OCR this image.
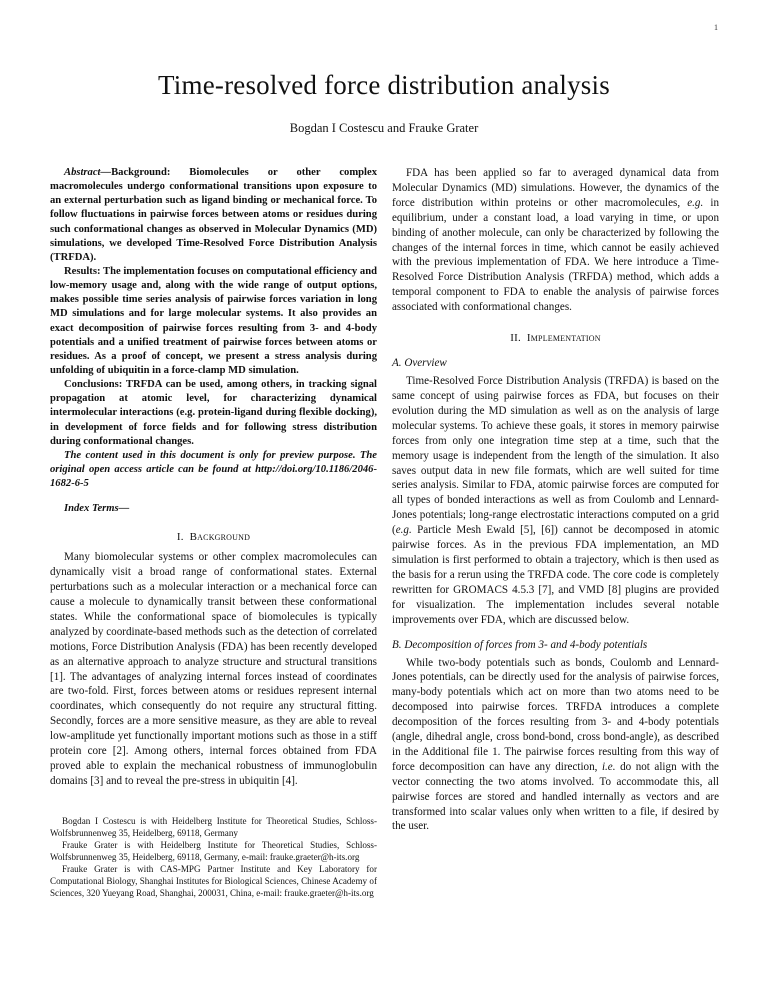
1
Time-resolved force distribution analysis
Bogdan I Costescu and Frauke Grater

Abstract—Background: Biomolecules or other complex macromolecules undergo conformational transitions upon exposure to an external perturbation such as ligand binding or mechanical force. To follow fluctuations in pairwise forces between atoms or residues during such conformational changes as observed in Molecular Dynamics (MD) simulations, we developed Time-Resolved Force Distribution Analysis (TRFDA).

Results: The implementation focuses on computational efficiency and low-memory usage and, along with the wide range of output options, makes possible time series analysis of pairwise forces variation in long MD simulations and for large molecular systems. It also provides an exact decomposition of pairwise forces resulting from 3- and 4-body potentials and a unified treatment of pairwise forces between atoms or residues. As a proof of concept, we present a stress analysis during unfolding of ubiquitin in a force-clamp MD simulation.

Conclusions: TRFDA can be used, among others, in tracking signal propagation at atomic level, for characterizing dynamical intermolecular interactions (e.g. protein-ligand during flexible docking), in development of force fields and for following stress distribution during conformational changes.

The content used in this document is only for preview purpose. The original open access article can be found at http://doi.org/10.1186/2046-1682-6-5

Index Terms—
I. Background

Many biomolecular systems or other complex macromolecules can dynamically visit a broad range of conformational states. External perturbations such as a molecular interaction or a mechanical force can cause a molecule to dynamically transit between these conformational states. While the conformational space of biomolecules is typically analyzed by coordinate-based methods such as the detection of correlated motions, Force Distribution Analysis (FDA) has been recently developed as an alternative approach to analyze structure and structural transitions [1]. The advantages of analyzing internal forces instead of coordinates are two-fold. First, forces between atoms or residues represent internal coordinates, which consequently do not require any structural fitting. Secondly, forces are a more sensitive measure, as they are able to reveal low-amplitude yet functionally important motions such as those in a stiff protein core [2]. Among others, internal forces obtained from FDA proved able to explain the mechanical robustness of immunoglobulin domains [3] and to reveal the pre-stress in ubiquitin [4].

Bogdan I Costescu is with Heidelberg Institute for Theoretical Studies, Schloss-Wolfsbrunnenweg 35, Heidelberg, 69118, Germany

Frauke Grater is with Heidelberg Institute for Theoretical Studies, Schloss-Wolfsbrunnenweg 35, Heidelberg, 69118, Germany, e-mail: frauke.graeter@h-its.org

Frauke Grater is with CAS-MPG Partner Institute and Key Laboratory for Computational Biology, Shanghai Institutes for Biological Sciences, Chinese Academy of Sciences, 320 Yueyang Road, Shanghai, 200031, China, e-mail: frauke.graeter@h-its.org

FDA has been applied so far to averaged dynamical data from Molecular Dynamics (MD) simulations. However, the dynamics of the force distribution within proteins or other macromolecules, e.g. in equilibrium, under a constant load, a load varying in time, or upon binding of another molecule, can only be characterized by following the changes of the internal forces in time, which cannot be easily achieved with the previous implementation of FDA. We here introduce a Time-Resolved Force Distribution Analysis (TRFDA) method, which adds a temporal component to FDA to enable the analysis of pairwise forces associated with conformational changes.

II. Implementation
A. Overview

Time-Resolved Force Distribution Analysis (TRFDA) is based on the same concept of using pairwise forces as FDA, but focuses on their evolution during the MD simulation as well as on the analysis of large molecular systems. To achieve these goals, it stores in memory pairwise forces from only one integration time step at a time, such that the memory usage is independent from the length of the simulation. It also saves output data in new file formats, which are well suited for time series analysis. Similar to FDA, atomic pairwise forces are computed for all types of bonded interactions as well as from Coulomb and Lennard-Jones potentials; long-range electrostatic interactions computed on a grid (e.g. Particle Mesh Ewald [5], [6]) cannot be decomposed in atomic pairwise forces. As in the previous FDA implementation, an MD simulation is first performed to obtain a trajectory, which is then used as the basis for a rerun using the TRFDA code. The core code is completely rewritten for GROMACS 4.5.3 [7], and VMD [8] plugins are provided for visualization. The implementation includes several notable improvements over FDA, which are discussed below.

B. Decomposition of forces from 3- and 4-body potentials

While two-body potentials such as bonds, Coulomb and Lennard-Jones potentials, can be directly used for the analysis of pairwise forces, many-body potentials which act on more than two atoms need to be decomposed into pairwise forces. TRFDA introduces a complete decomposition of the forces resulting from 3- and 4-body potentials (angle, dihedral angle, cross bond-bond, cross bond-angle), as described in the Additional file 1. The pairwise forces resulting from this way of force decomposition can have any direction, i.e. do not align with the vector connecting the two atoms involved. To accommodate this, all pairwise forces are stored and handled internally as vectors and are transformed into scalar values only when written to a file, if desired by the user.
